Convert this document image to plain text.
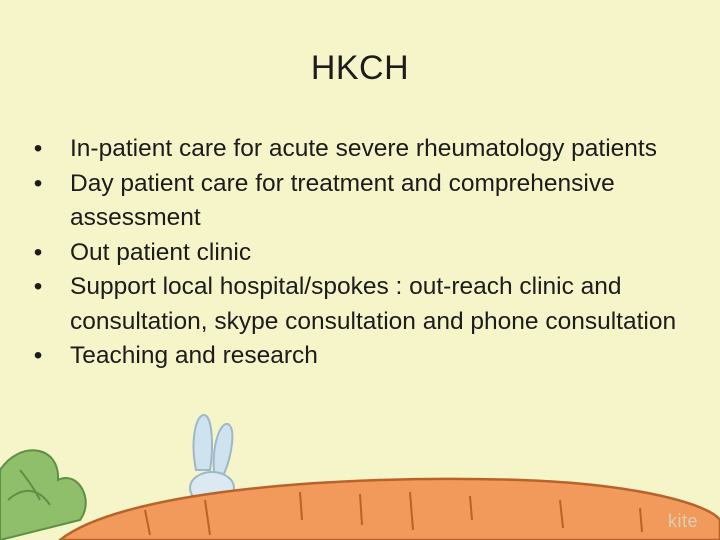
HKCH
• In-patient care for acute severe rheumatology patients
• Day patient care for treatment and comprehensive assessment
• Out patient clinic
• Support local hospital/spokes : out-reach clinic and consultation, skype consultation and phone consultation
• Teaching and research
kite
